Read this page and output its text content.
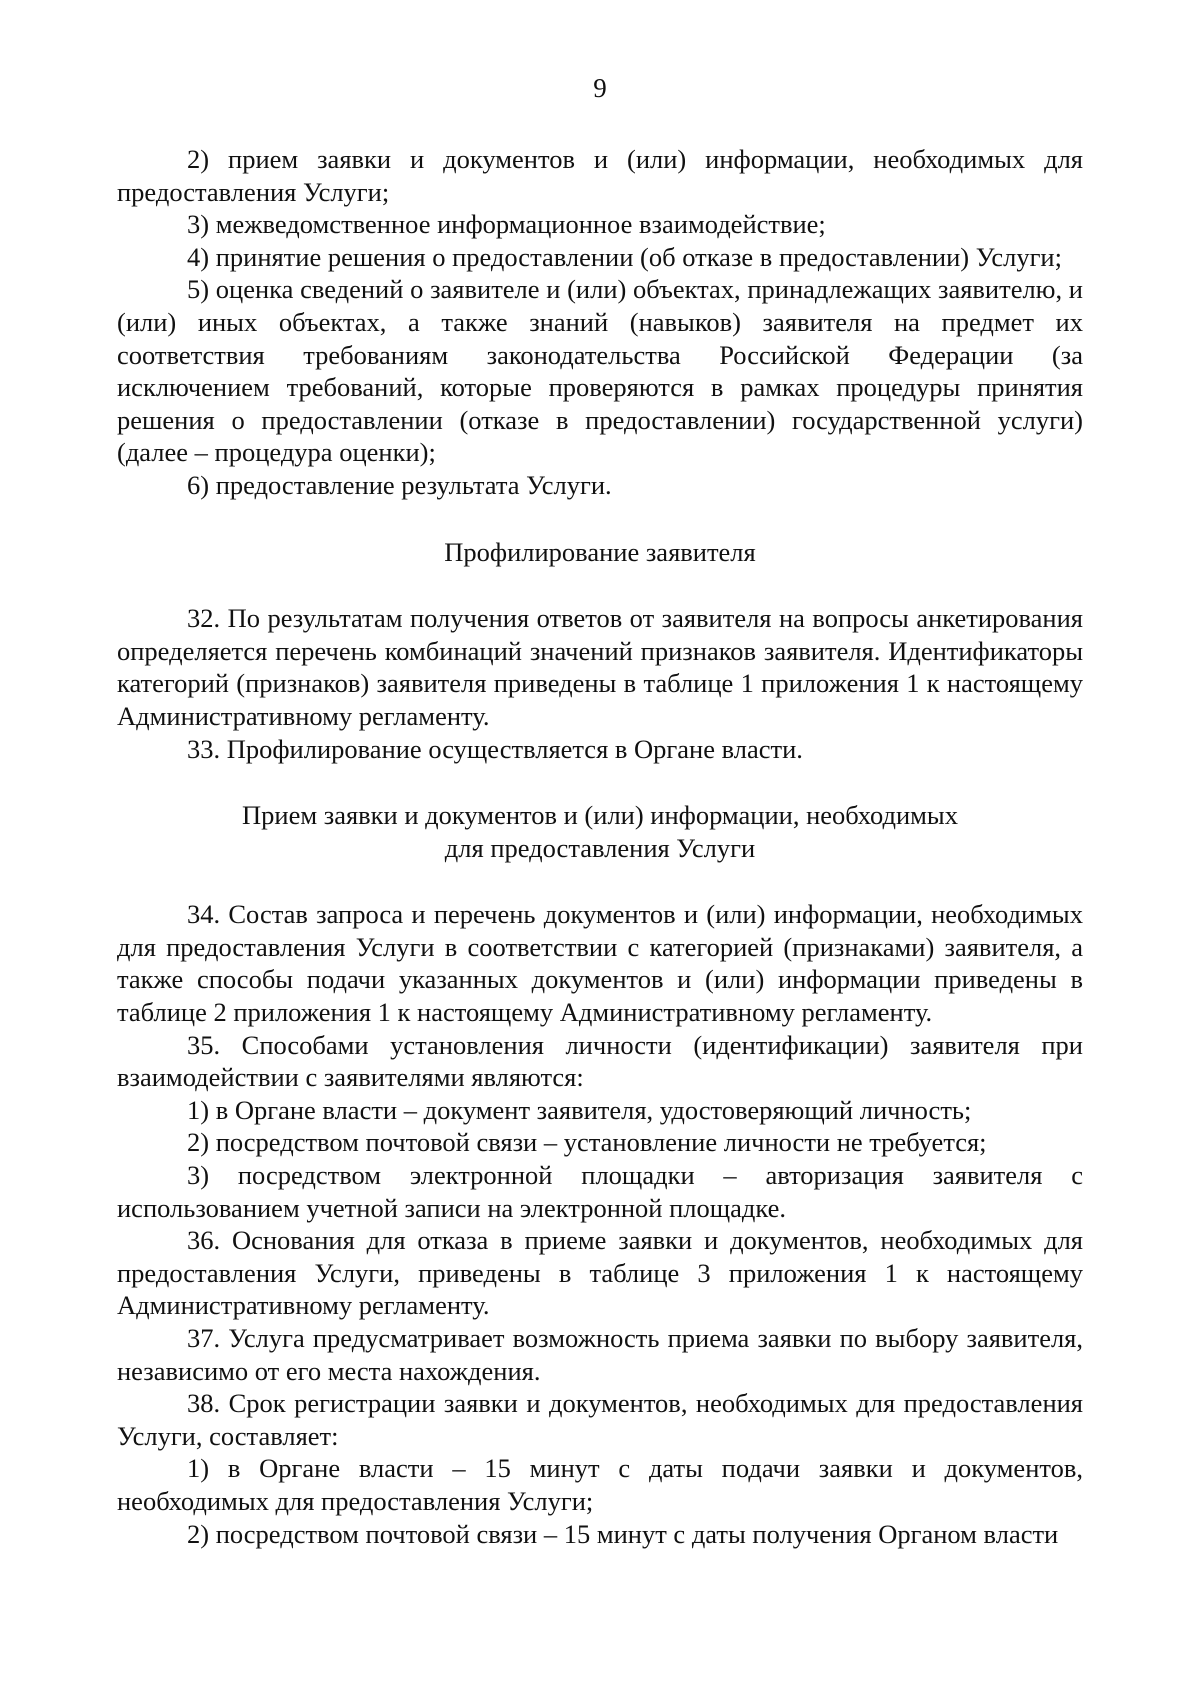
9

2) прием заявки и документов и (или) информации, необходимых для предоставления Услуги;

3) межведомственное информационное взаимодействие;

4) принятие решения о предоставлении (об отказе в предоставлении) Услуги;

5) оценка сведений о заявителе и (или) объектах, принадлежащих заявителю, и (или) иных объектах, а также знаний (навыков) заявителя на предмет их соответствия требованиям законодательства Российской Федерации (за исключением требований, которые проверяются в рамках процедуры принятия решения о предоставлении (отказе в предоставлении) государственной услуги) (далее – процедура оценки);

6) предоставление результата Услуги.

Профилирование заявителя

32. По результатам получения ответов от заявителя на вопросы анкетирования определяется перечень комбинаций значений признаков заявителя. Идентификаторы категорий (признаков) заявителя приведены в таблице 1 приложения 1 к настоящему Административному регламенту.

33. Профилирование осуществляется в Органе власти.

Прием заявки и документов и (или) информации, необходимых
для предоставления Услуги

34. Состав запроса и перечень документов и (или) информации, необходимых для предоставления Услуги в соответствии с категорией (признаками) заявителя, а также способы подачи указанных документов и (или) информации приведены в таблице 2 приложения 1 к настоящему Административному регламенту.

35. Способами установления личности (идентификации) заявителя при взаимодействии с заявителями являются:

1) в Органе власти – документ заявителя, удостоверяющий личность;

2) посредством почтовой связи – установление личности не требуется;

3) посредством электронной площадки – авторизация заявителя с использованием учетной записи на электронной площадке.

36. Основания для отказа в приеме заявки и документов, необходимых для предоставления Услуги, приведены в таблице 3 приложения 1 к настоящему Административному регламенту.

37. Услуга предусматривает возможность приема заявки по выбору заявителя, независимо от его места нахождения.

38. Срок регистрации заявки и документов, необходимых для предоставления Услуги, составляет:

1) в Органе власти – 15 минут с даты подачи заявки и документов, необходимых для предоставления Услуги;

2) посредством почтовой связи – 15 минут с даты получения Органом власти
